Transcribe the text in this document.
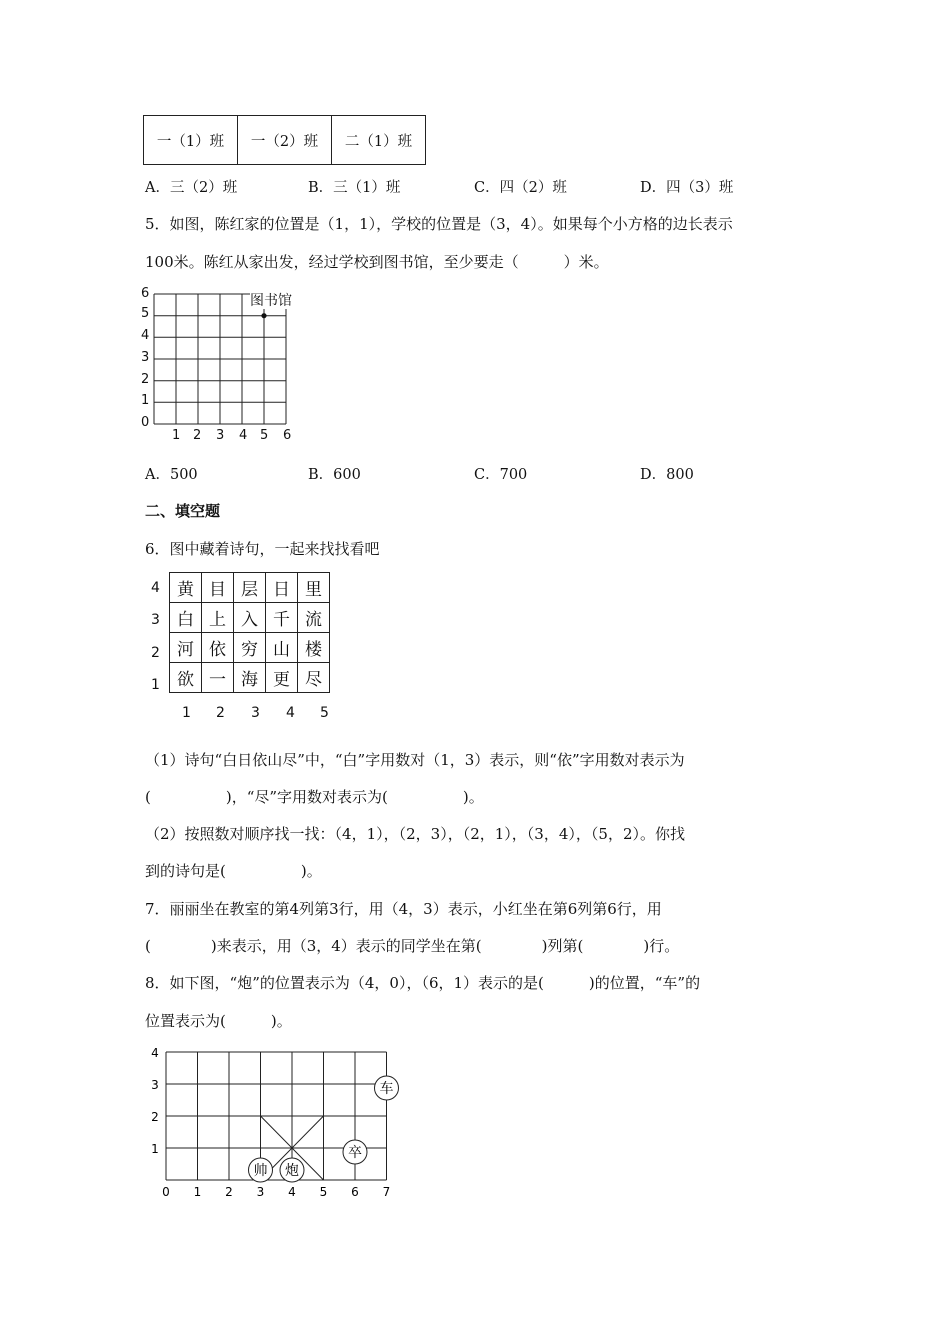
一（1）班	一（2）班	二（1）班
A．三（2）班	B．三（1）班	C．四（2）班	D．四（3）班
5．如图，陈红家的位置是（1，1），学校的位置是（3，4）。如果每个小方格的边长表示
100米。陈红从家出发，经过学校到图书馆，至少要走（　　　）米。
图书馆
0
1
2
3
4
5
6
1 2 3 4 5 6
A．500	B．600	C．700	D．800
二、填空题
6．图中藏着诗句，一起来找找看吧
4
3
2
1
黄	目	层	日	里
白	上	入	千	流
河	依	穷	山	楼
欲	一	海	更	尽
1 2 3 4 5
（1）诗句“白日依山尽”中，“白”字用数对（1，3）表示，则“依”字用数对表示为
(　　　　　)，“尽”字用数对表示为(　　　　　)。
（2）按照数对顺序找一找：（4，1），（2，3），（2，1），（3，4），（5，2）。你找
到的诗句是(　　　　　)。
7．丽丽坐在教室的第4列第3行，用（4，3）表示，小红坐在第6列第6行，用
(　　　　)来表示，用（3，4）表示的同学坐在第(　　　　)列第(　　　　)行。
8．如下图，“炮”的位置表示为（4，0），（6，1）表示的是(　　　)的位置，“车”的
位置表示为(　　　)。
帅 炮
卒
车
4
3
2
1
0 1 2 3 4 5 6 7
